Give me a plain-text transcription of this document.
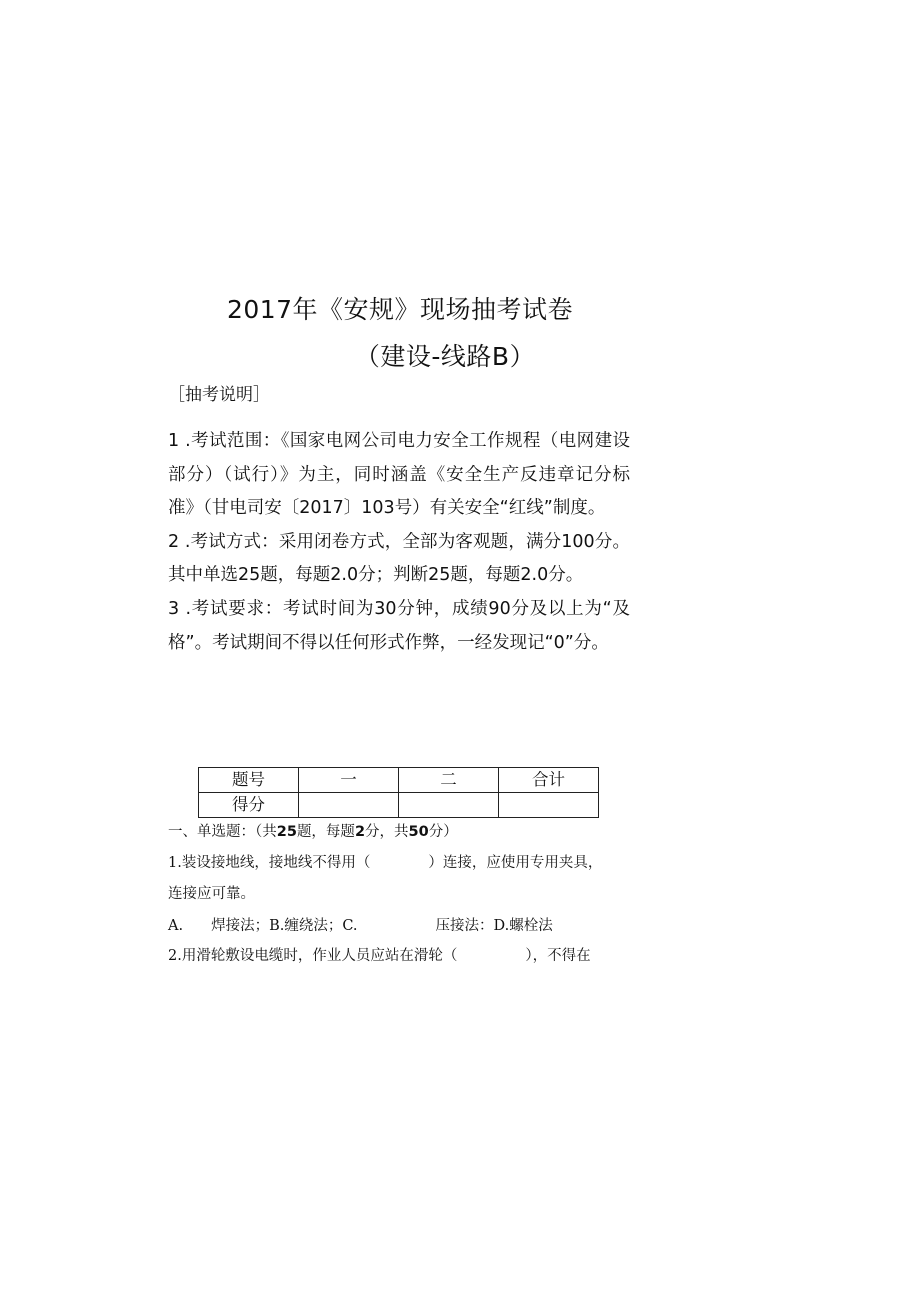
2017年《安规》现场抽考试卷
（建设-线路B）
［抽考说明］

1 .考试范围：《国家电网公司电力安全工作规程（电网建设部分）（试行）》为主，同时涵盖《安全生产反违章记分标准》（甘电司安〔2017〕103号）有关安全“红线”制度。

2 .考试方式：采用闭卷方式，全部为客观题，满分100分。其中单选25题，每题2.0分；判断25题，每题2.0分。

3 .考试要求：考试时间为30分钟，成绩90分及以上为“及格”。考试期间不得以任何形式作弊，一经发现记“0”分。

题号	一	二	合计
得分			
一、单选题：（共25题，每题2分，共50分）
1.装设接地线，接地线不得用（	）连接，应使用专用夹具，
连接应可靠。
A. 焊接法；B.缠绕法；C.	压接法：D.螺栓法
2.用滑轮敷设电缆时，作业人员应站在滑轮（	），不得在
